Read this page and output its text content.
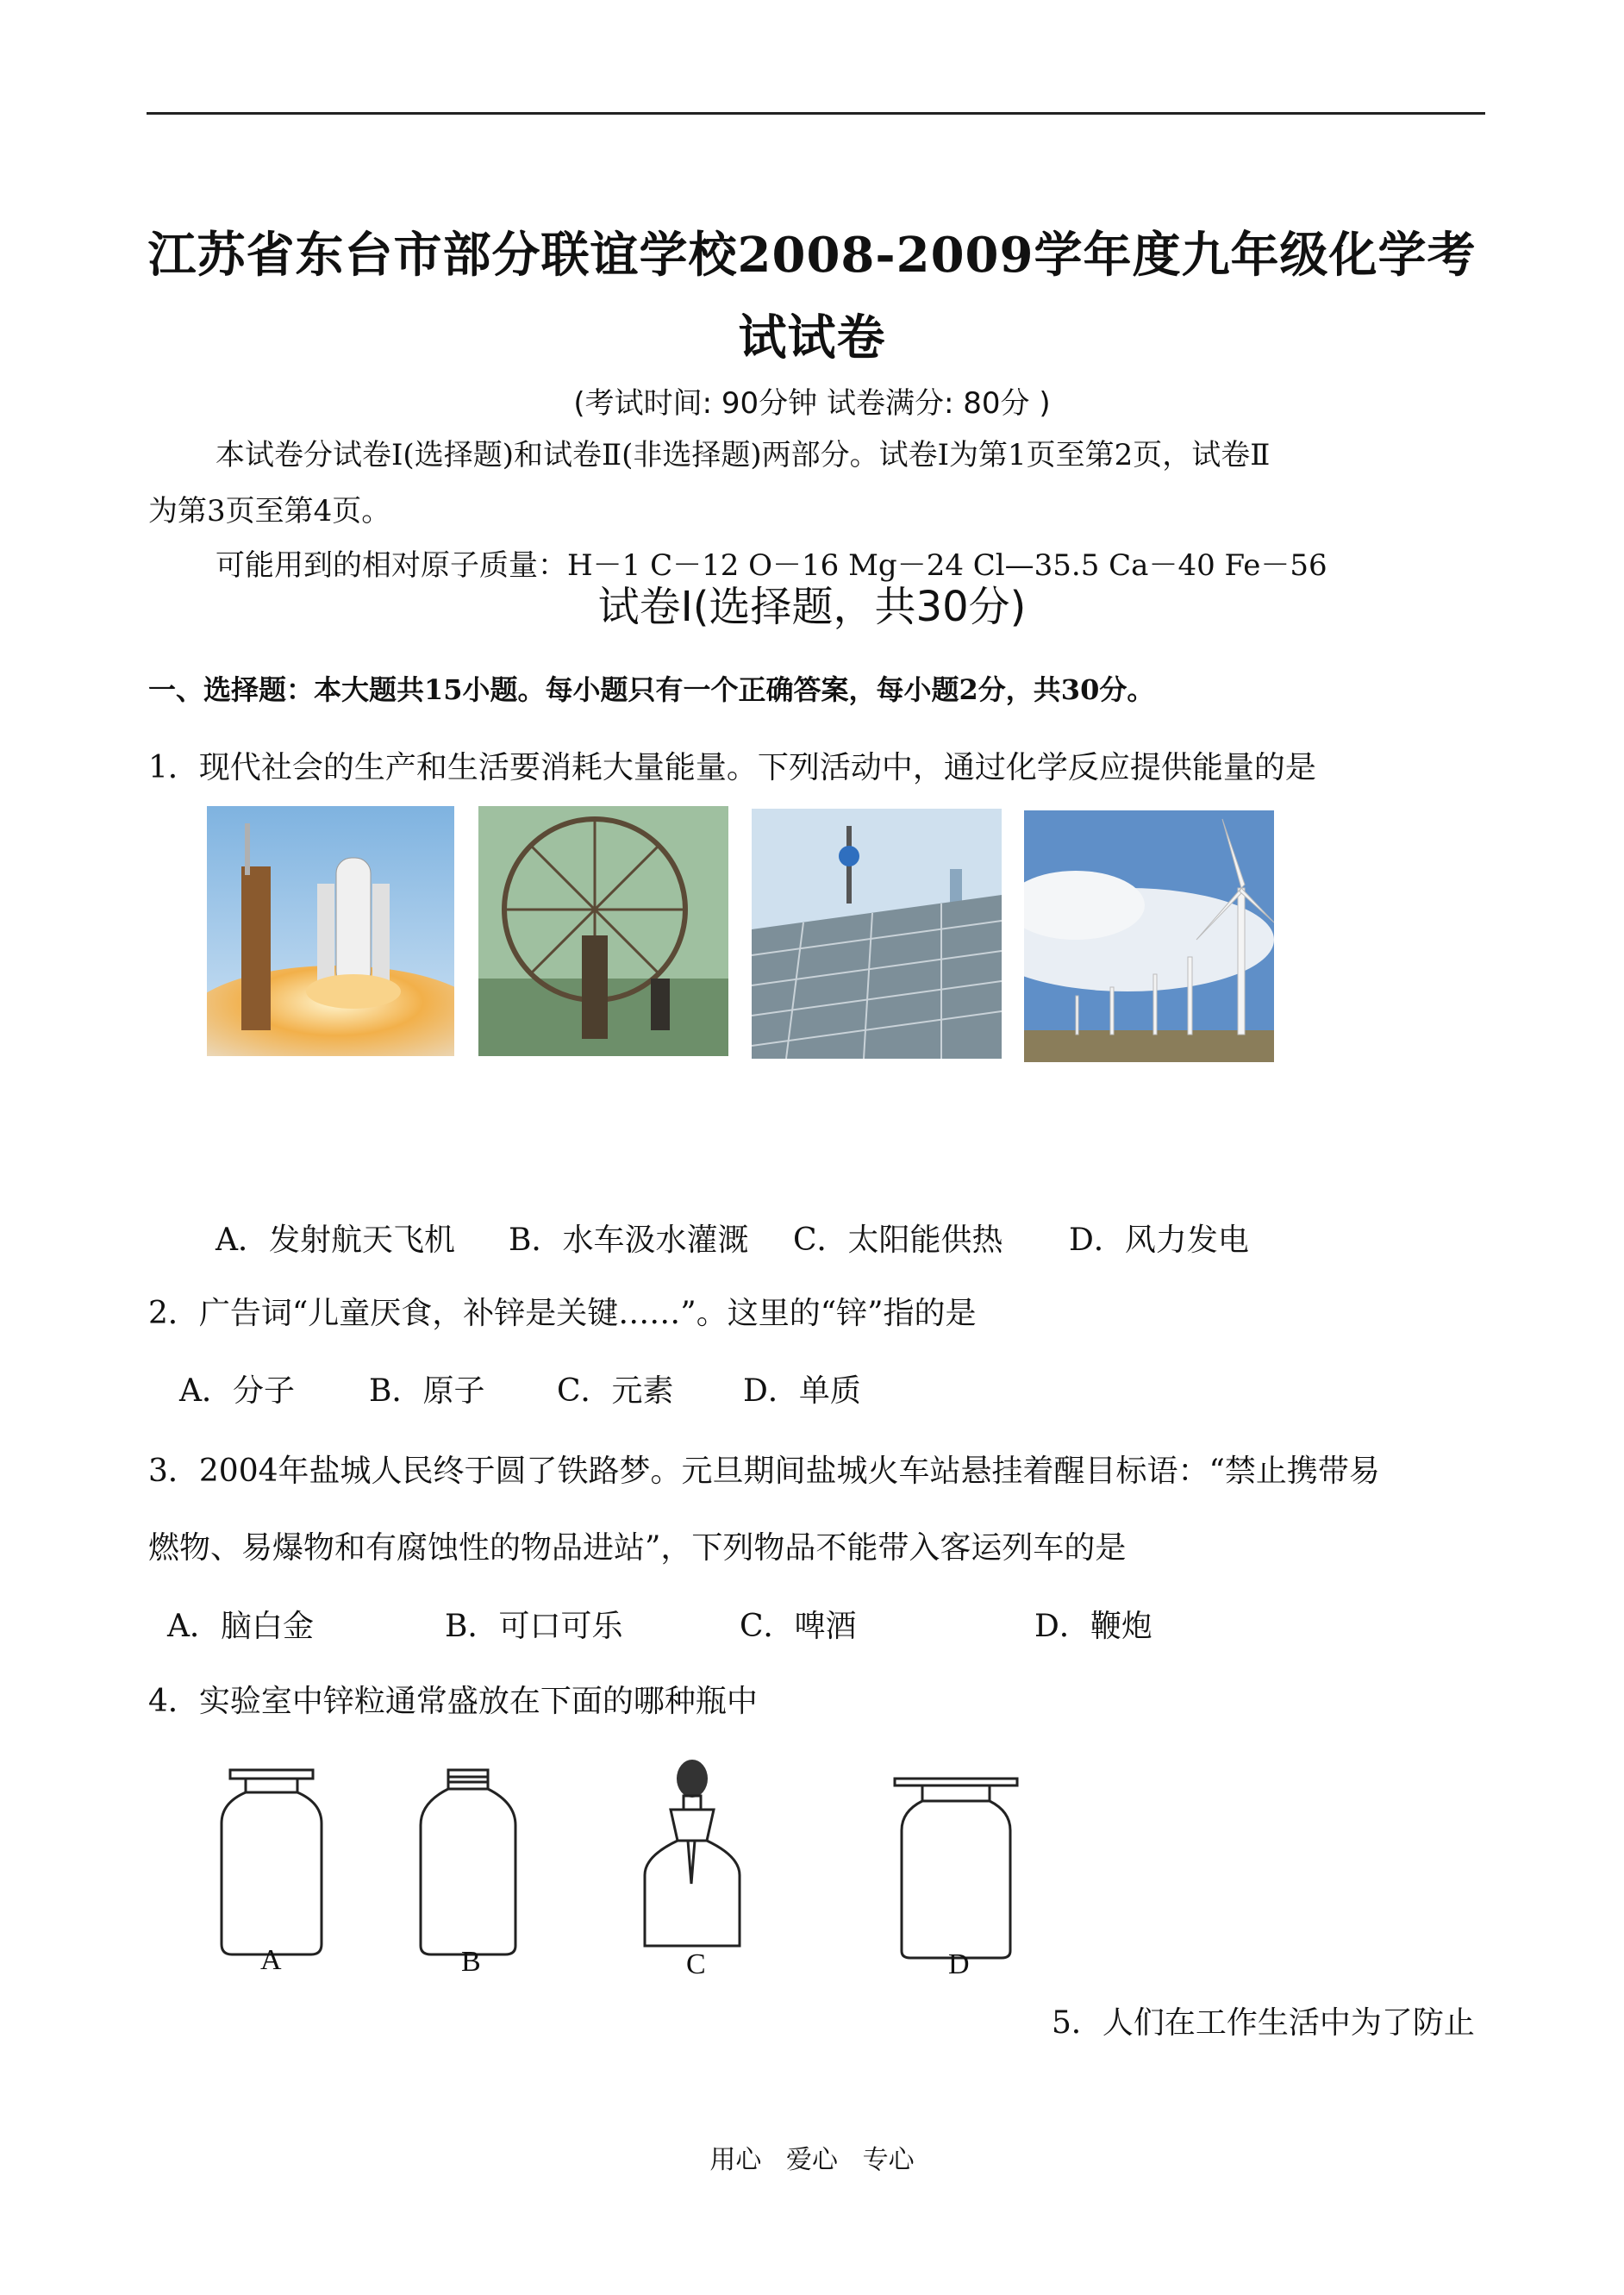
江苏省东台市部分联谊学校2008-2009学年度九年级化学考
试试卷
(考试时间: 90分钟 试卷满分: 80分 )
本试卷分试卷Ⅰ(选择题)和试卷Ⅱ(非选择题)两部分。试卷Ⅰ为第1页至第2页，试卷Ⅱ
为第3页至第4页。
可能用到的相对原子质量：H－1 C－12 O－16 Mg－24 Cl—35.5 Ca－40 Fe－56
试卷Ⅰ(选择题，共30分)
一、选择题：本大题共15小题。每小题只有一个正确答案，每小题2分，共30分。
1．现代社会的生产和生活要消耗大量能量。下列活动中，通过化学反应提供能量的是
A．发射航天飞机 B．水车汲水灌溉 C．太阳能供热 D．风力发电
2．广告词“儿童厌食，补锌是关键……”。这里的“锌”指的是
A．分子 B．原子 C．元素 D．单质
3．2004年盐城人民终于圆了铁路梦。元旦期间盐城火车站悬挂着醒目标语：“禁止携带易
燃物、易爆物和有腐蚀性的物品进站”，下列物品不能带入客运列车的是
A．脑白金	B．可口可乐	C．啤酒	D．鞭炮
4．实验室中锌粒通常盛放在下面的哪种瓶中
A	B	C	D
5．人们在工作生活中为了防止
用心   爱心   专心
